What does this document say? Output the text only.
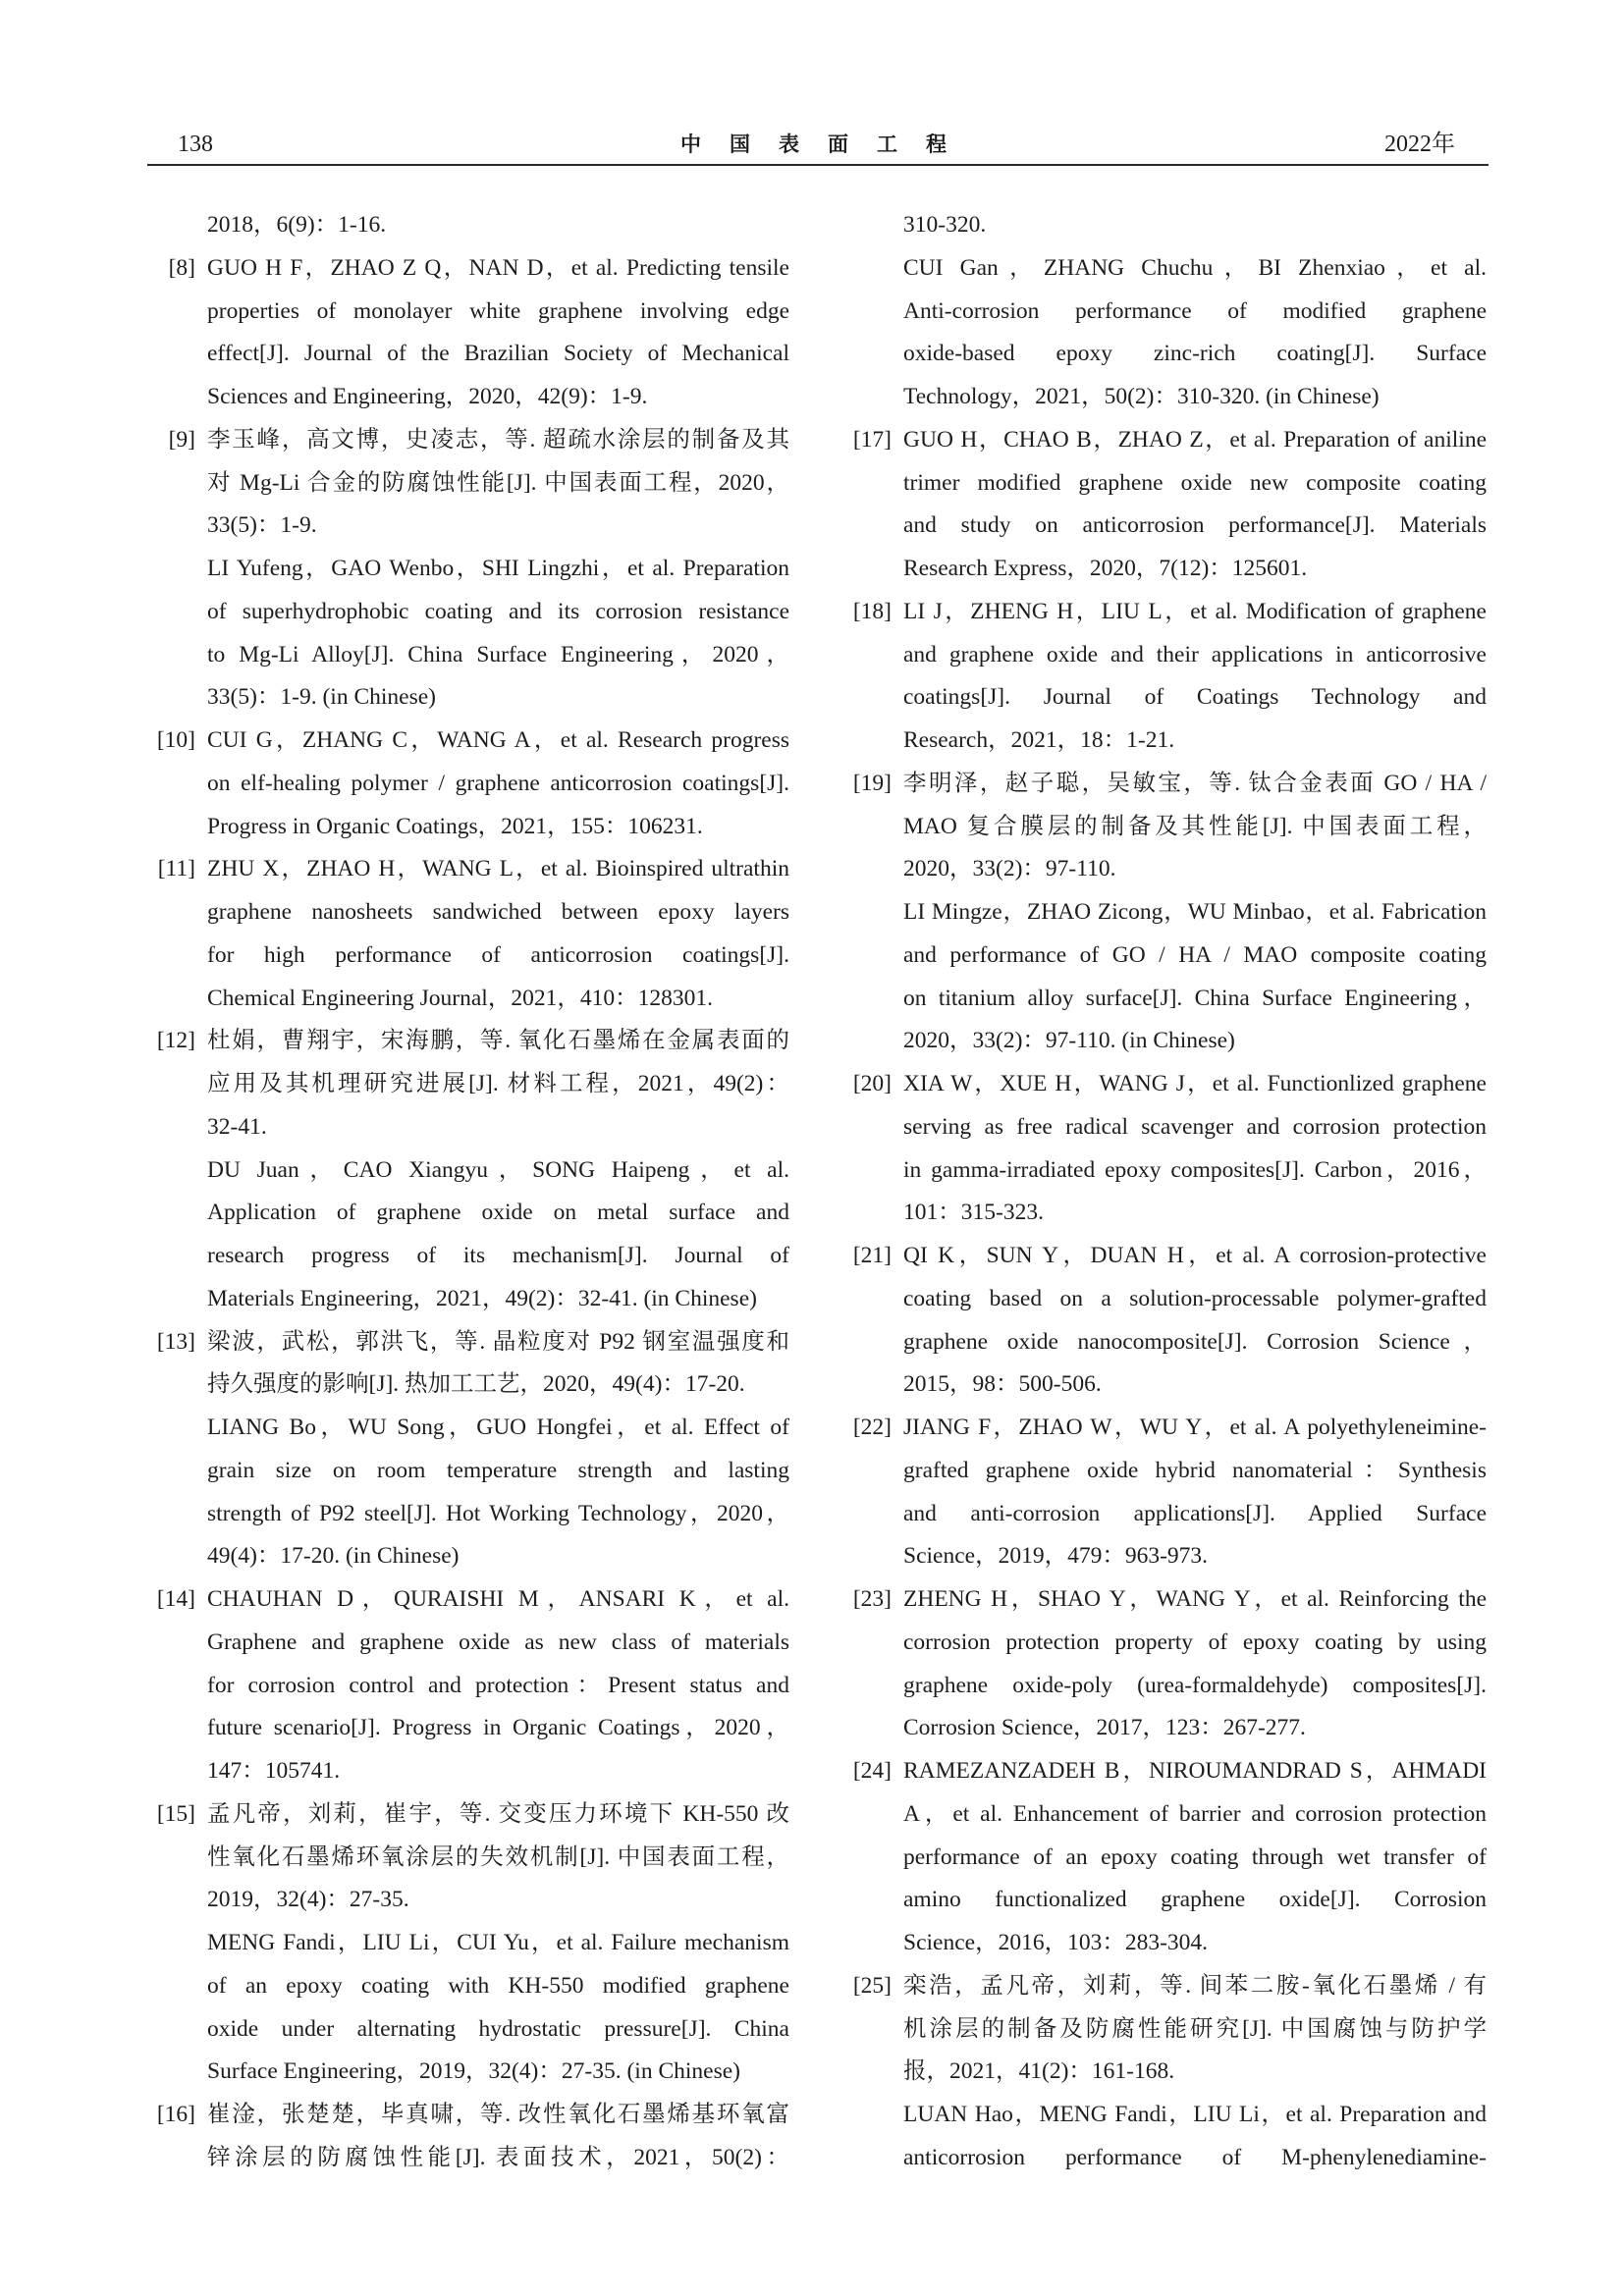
138	中国表面工程	2022年
2018，6(9)：1-16.
[8] GUO H F，ZHAO Z Q，NAN D，et al. Predicting tensile
properties of monolayer white graphene involving edge
effect[J]. Journal of the Brazilian Society of Mechanical
Sciences and Engineering，2020，42(9)：1-9.
[9] 李玉峰，高文博，史凌志，等. 超疏水涂层的制备及其
对 Mg-Li 合金的防腐蚀性能[J]. 中国表面工程，2020，
33(5)：1-9.
LI Yufeng，GAO Wenbo，SHI Lingzhi，et al. Preparation
of superhydrophobic coating and its corrosion resistance
to Mg-Li Alloy[J]. China Surface Engineering，2020，
33(5)：1-9. (in Chinese)
[10] CUI G，ZHANG C，WANG A，et al. Research progress
on elf-healing polymer / graphene anticorrosion coatings[J].
Progress in Organic Coatings，2021，155：106231.
[11] ZHU X，ZHAO H，WANG L，et al. Bioinspired ultrathin
graphene nanosheets sandwiched between epoxy layers
for high performance of anticorrosion coatings[J].
Chemical Engineering Journal，2021，410：128301.
[12] 杜娟，曹翔宇，宋海鹏，等. 氧化石墨烯在金属表面的
应用及其机理研究进展[J]. 材料工程，2021，49(2)：
32-41.
DU Juan，CAO Xiangyu，SONG Haipeng，et al.
Application of graphene oxide on metal surface and
research progress of its mechanism[J]. Journal of
Materials Engineering，2021，49(2)：32-41. (in Chinese)
[13] 梁波，武松，郭洪飞，等. 晶粒度对 P92 钢室温强度和
持久强度的影响[J]. 热加工工艺，2020，49(4)：17-20.
LIANG Bo，WU Song，GUO Hongfei，et al. Effect of
grain size on room temperature strength and lasting
strength of P92 steel[J]. Hot Working Technology，2020，
49(4)：17-20. (in Chinese)
[14] CHAUHAN D，QURAISHI M，ANSARI K，et al.
Graphene and graphene oxide as new class of materials
for corrosion control and protection：Present status and
future scenario[J]. Progress in Organic Coatings，2020，
147：105741.
[15] 孟凡帝，刘莉，崔宇，等. 交变压力环境下 KH-550 改
性氧化石墨烯环氧涂层的失效机制[J]. 中国表面工程，
2019，32(4)：27-35.
MENG Fandi，LIU Li，CUI Yu，et al. Failure mechanism
of an epoxy coating with KH-550 modified graphene
oxide under alternating hydrostatic pressure[J]. China
Surface Engineering，2019，32(4)：27-35. (in Chinese)
[16] 崔淦，张楚楚，毕真啸，等. 改性氧化石墨烯基环氧富
锌涂层的防腐蚀性能[J]. 表面技术，2021，50(2)：
310-320.
CUI Gan，ZHANG Chuchu，BI Zhenxiao，et al.
Anti-corrosion performance of modified graphene
oxide-based epoxy zinc-rich coating[J]. Surface
Technology，2021，50(2)：310-320. (in Chinese)
[17] GUO H，CHAO B，ZHAO Z，et al. Preparation of aniline
trimer modified graphene oxide new composite coating
and study on anticorrosion performance[J]. Materials
Research Express，2020，7(12)：125601.
[18] LI J，ZHENG H，LIU L，et al. Modification of graphene
and graphene oxide and their applications in anticorrosive
coatings[J]. Journal of Coatings Technology and
Research，2021，18：1-21.
[19] 李明泽，赵子聪，吴敏宝，等. 钛合金表面 GO / HA /
MAO 复合膜层的制备及其性能[J]. 中国表面工程，
2020，33(2)：97-110.
LI Mingze，ZHAO Zicong，WU Minbao，et al. Fabrication
and performance of GO / HA / MAO composite coating
on titanium alloy surface[J]. China Surface Engineering，
2020，33(2)：97-110. (in Chinese)
[20] XIA W，XUE H，WANG J，et al. Functionlized graphene
serving as free radical scavenger and corrosion protection
in gamma-irradiated epoxy composites[J]. Carbon，2016，
101：315-323.
[21] QI K，SUN Y，DUAN H，et al. A corrosion-protective
coating based on a solution-processable polymer-grafted
graphene oxide nanocomposite[J]. Corrosion Science，
2015，98：500-506.
[22] JIANG F，ZHAO W，WU Y，et al. A polyethyleneimine-
grafted graphene oxide hybrid nanomaterial：Synthesis
and anti-corrosion applications[J]. Applied Surface
Science，2019，479：963-973.
[23] ZHENG H，SHAO Y，WANG Y，et al. Reinforcing the
corrosion protection property of epoxy coating by using
graphene oxide-poly (urea-formaldehyde) composites[J].
Corrosion Science，2017，123：267-277.
[24] RAMEZANZADEH B，NIROUMANDRAD S，AHMADI
A，et al. Enhancement of barrier and corrosion protection
performance of an epoxy coating through wet transfer of
amino functionalized graphene oxide[J]. Corrosion
Science，2016，103：283-304.
[25] 栾浩，孟凡帝，刘莉，等. 间苯二胺-氧化石墨烯 / 有
机涂层的制备及防腐性能研究[J]. 中国腐蚀与防护学
报，2021，41(2)：161-168.
LUAN Hao，MENG Fandi，LIU Li，et al. Preparation and
anticorrosion performance of M-phenylenediamine-
